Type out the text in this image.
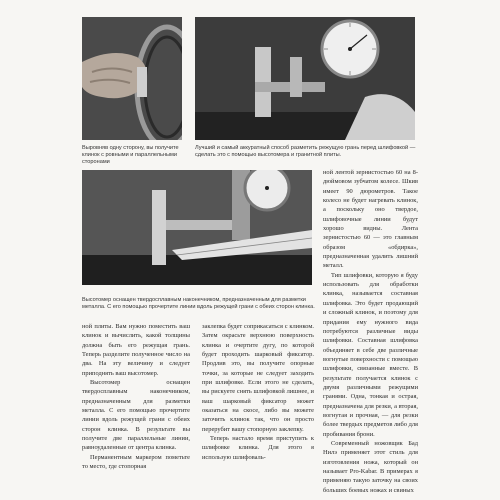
Выровняв одну сторону, вы получите

клинок с ровными и параллельными

сторонами

Лучший и самый аккуратный способ разметить режущую грань перед шлифовкой —

сделать это с помощью высотомера и гранитной плиты.

Высотомер оснащен твердосплавным наконечником, предназначенным для разметки

металла. С его помощью прочертите линии вдоль режущей грани с обеих сторон клинка.

ной лентой зернистостью 60 на 8-дюймовом зубчатом колесе. Шкив имеет 90 дюрометров. Такое колесо не будет нагревать клинок, а поскольку оно твердое, шлифовочные линии будут хорошо видны. Лента зернистостью 60 — это главным образом «обдирка», предназначенная удалить лишний металл.

Тип шлифовки, которую я буду использовать для обработки клинка, называется составная шлифовка. Это будет продающий и сложный клинок, и поэтому для придания ему нужного вида потребуются различные виды шлифовки. Составная шлифовка объединяет в себе две различные вогнутые поверхности с помощью шлифовки, связанные вместе. В результате получается клинок с двумя различными режущими гранями. Одна, тонкая и острая, предназначена для резки, а вторая, вогнутая и прочная, — для резки более твердых предметов либо для пробивания брони.

Современный ножовщик Бад Нилэ применяет этот стиль для изготовления ножа, который он называет Pro-Kabar. В примерах я применяю такую заточку на своих больших боевых ножах и свиных

ной плиты. Вам нужно поместить ваш клинок и вычислить, какой толщины должна быть его режущая грань. Теперь разделите полученное число на два. На эту величину и следует приподнять ваш высотомер.

Высотомер оснащен твердосплавным наконечником, предназначенным для разметки металла. С его помощью прочертите линии вдоль режущей грани с обеих сторон клинка. В результате вы получите две параллельные линии, равноудаленные от центра клинка.

Перманентным маркером пометьте то место, где стопорная

заклепка будет соприкасаться с клинком. Затем окрасьте верхнюю поверхность клинка и очертите дугу, по которой будет проходить шарковый фиксатор. Продлив это, вы получите опорные точки, за которые не следует заходить при шлифовке. Если этого не сделать, вы рискуете снять шлифовкой лишнее, и ваш шарковый фиксатор может оказаться на скосе, либо вы можете заточить клинок так, что он просто перерубит вашу стопорную заклепку.

Теперь настало время приступить к шлифовке клинка. Для этого я использую шлифоваль-
